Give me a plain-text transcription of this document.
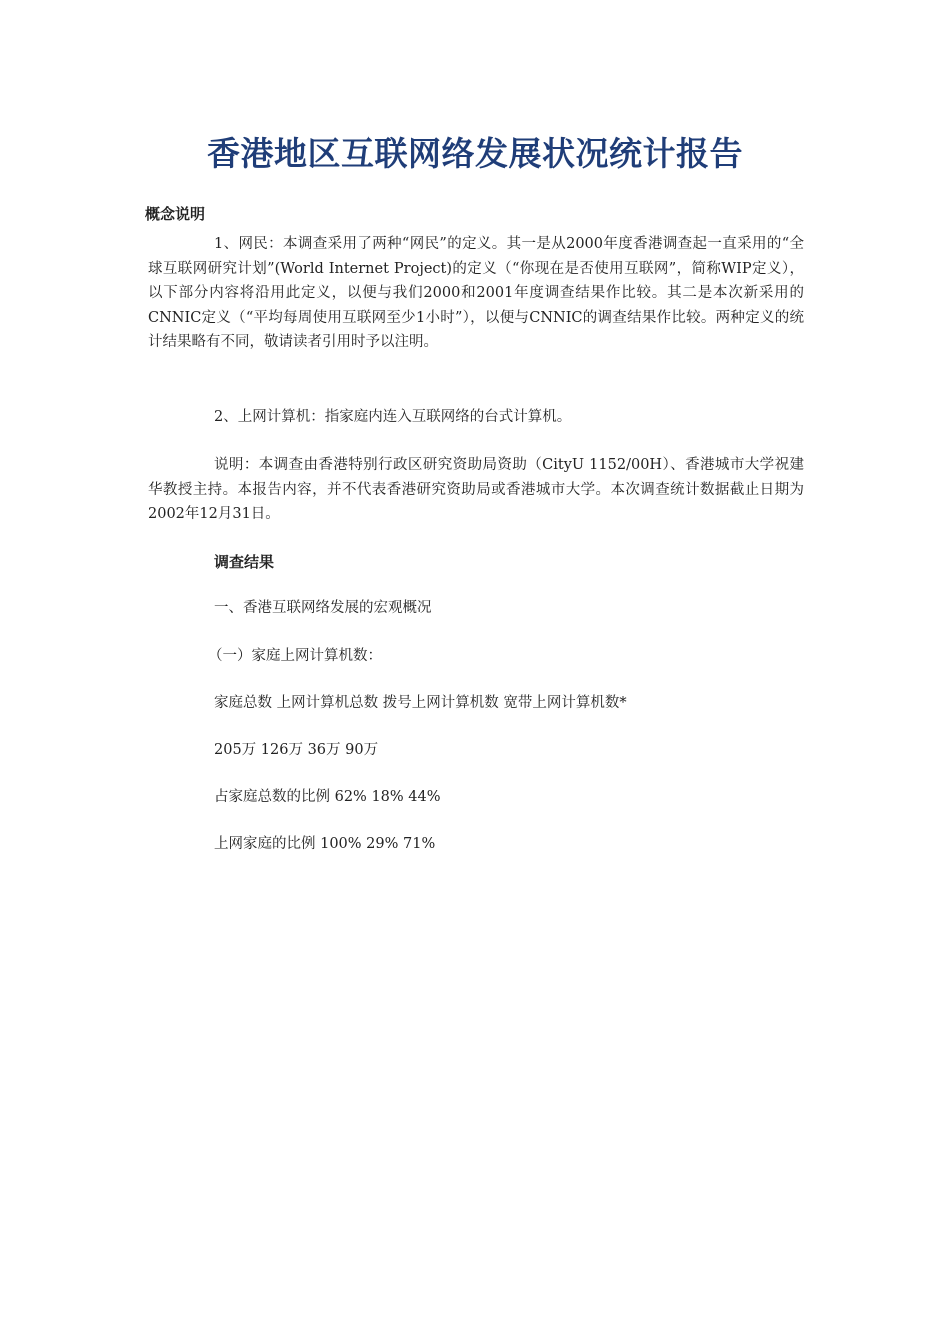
香港地区互联网络发展状况统计报告
概念说明

1、网民：本调查采用了两种“网民”的定义。其一是从2000年度香港调查起一直采用的“全球互联网研究计划”(World Internet Project)的定义（“你现在是否使用互联网”，简称WIP定义），以下部分内容将沿用此定义，以便与我们2000和2001年度调查结果作比较。其二是本次新采用的CNNIC定义（“平均每周使用互联网至少1小时”），以便与CNNIC的调查结果作比较。两种定义的统计结果略有不同，敬请读者引用时予以注明。

2、上网计算机：指家庭内连入互联网络的台式计算机。

说明：本调查由香港特别行政区研究资助局资助（CityU 1152/00H）、香港城市大学祝建华教授主持。本报告内容，并不代表香港研究资助局或香港城市大学。本次调查统计数据截止日期为2002年12月31日。

调查结果

一、香港互联网络发展的宏观概况

（一）家庭上网计算机数：

家庭总数 上网计算机总数 拨号上网计算机数 宽带上网计算机数*

205万 126万 36万 90万

占家庭总数的比例 62% 18% 44%

上网家庭的比例 100% 29% 71%
